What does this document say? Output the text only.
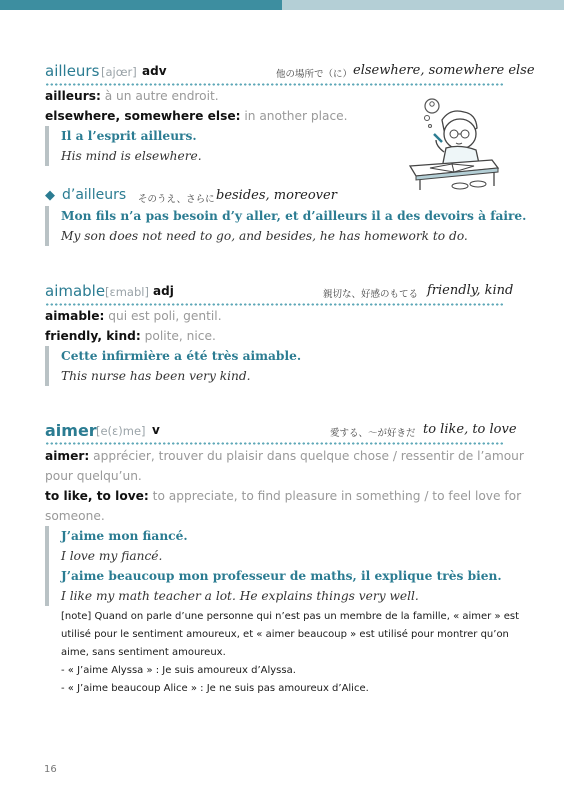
ailleurs [ajœr] adv	他の場所で（に） elsewhere, somewhere else
ailleurs: à un autre endroit.
elsewhere, somewhere else: in another place.
Il a l’esprit ailleurs.
His mind is elsewhere.
◆ d’ailleurs そのうえ、さらに besides, moreover
Mon fils n’a pas besoin d’y aller, et d’ailleurs il a des devoirs à faire.
My son does not need to go, and besides, he has homework to do.
aimable [ɛmabl] adj	親切な、好感のもてる friendly, kind
aimable: qui est poli, gentil.
friendly, kind: polite, nice.
Cette infirmière a été très aimable.
This nurse has been very kind.
aimer [e(ɛ)me] v	愛する、〜が好きだ to like, to love
aimer: apprécier, trouver du plaisir dans quelque chose / ressentir de l’amour
pour quelqu’un.
to like, to love: to appreciate, to find pleasure in something / to feel love for
someone.
J’aime mon fiancé.
I love my fiancé.
J’aime beaucoup mon professeur de maths, il explique très bien.
I like my math teacher a lot. He explains things very well.
[note] Quand on parle d’une personne qui n’est pas un membre de la famille, « aimer » est
utilisé pour le sentiment amoureux, et « aimer beaucoup » est utilisé pour montrer qu’on
aime, sans sentiment amoureux.
- « J’aime Alyssa » : Je suis amoureux d’Alyssa.
- « J’aime beaucoup Alice » : Je ne suis pas amoureux d’Alice.
16
